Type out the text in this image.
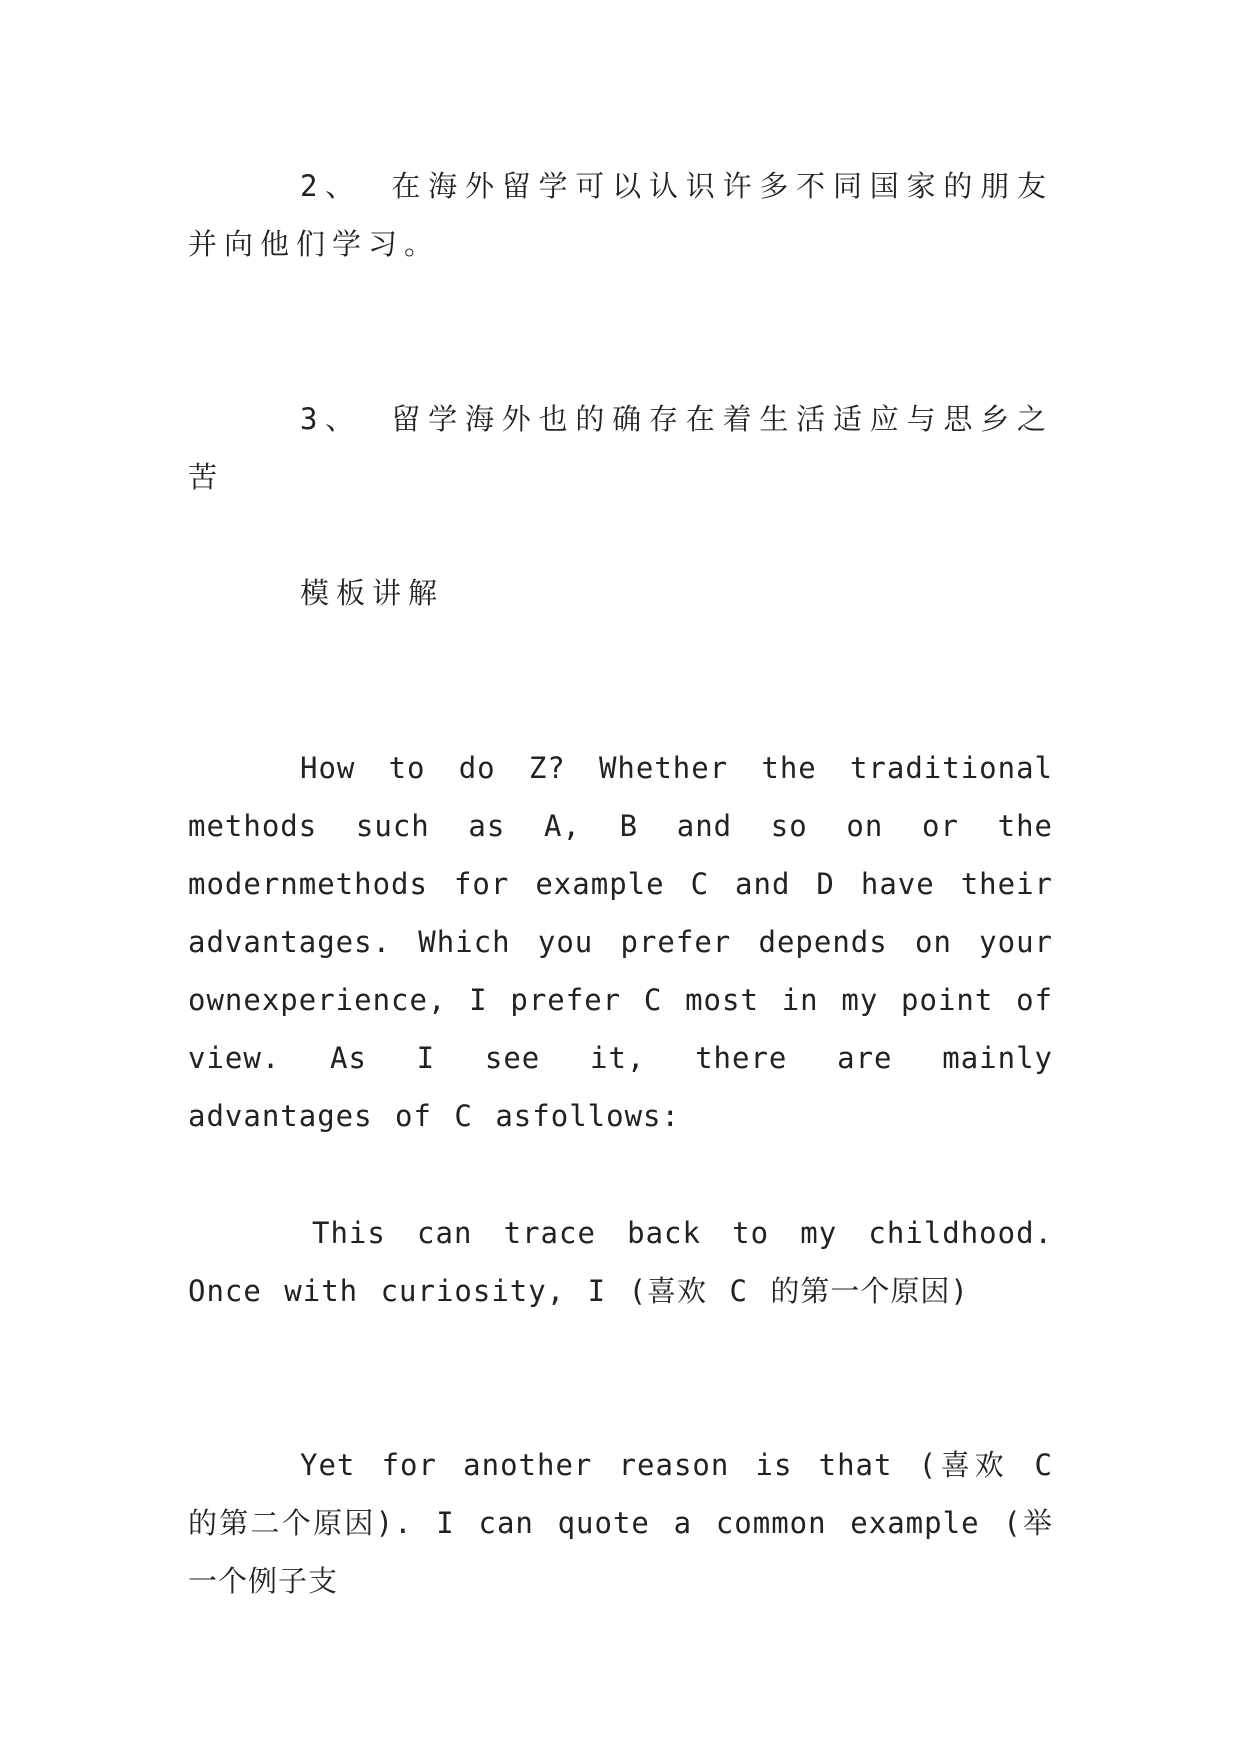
2、 在海外留学可以认识许多不同国家的朋友并向他们学习。

3、 留学海外也的确存在着生活适应与思乡之苦

模板讲解

How to do Z? Whether the traditional methods such as A, B and so on or the modernmethods for example C and D have their advantages. Which you prefer depends on your ownexperience, I prefer C most in my point of view. As I see it, there are mainly advantages of C asfollows:

This can trace back to my childhood. Once with curiosity, I (喜欢 C 的第一个原因)

Yet for another reason is that (喜欢 C 的第二个原因). I can quote a common example (举一个例子支
